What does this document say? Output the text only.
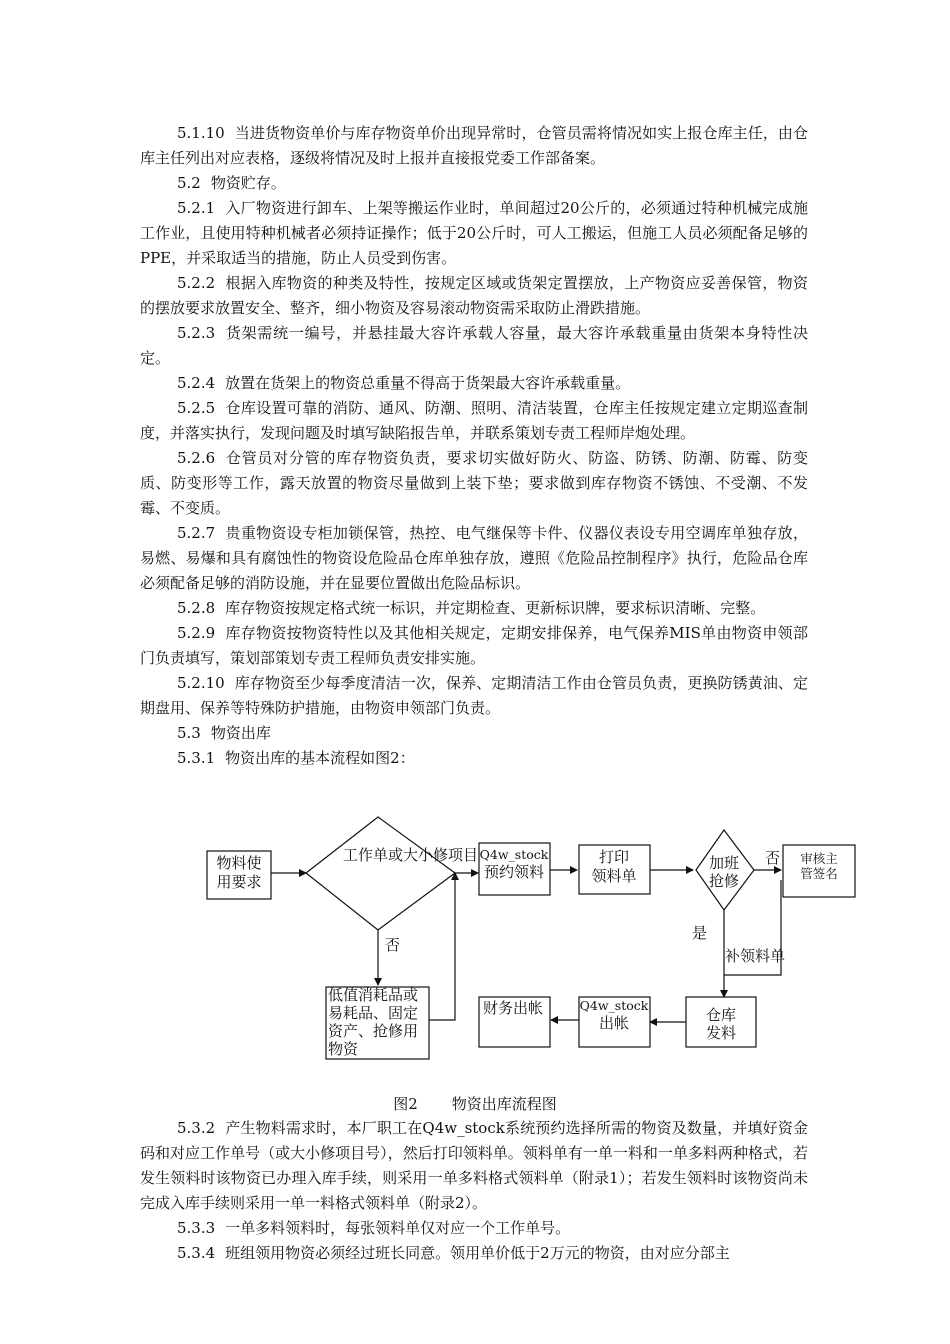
5.1.10 当进货物资单价与库存物资单价出现异常时，仓管员需将情况如实上报仓库主任，由仓库主任列出对应表格，逐级将情况及时上报并直接报党委工作部备案。

5.2 物资贮存。

5.2.1 入厂物资进行卸车、上架等搬运作业时，单间超过20公斤的，必须通过特种机械完成施工作业，且使用特种机械者必须持证操作；低于20公斤时，可人工搬运，但施工人员必须配备足够的PPE，并采取适当的措施，防止人员受到伤害。

5.2.2 根据入库物资的种类及特性，按规定区域或货架定置摆放，上产物资应妥善保管，物资的摆放要求放置安全、整齐，细小物资及容易滚动物资需采取防止滑跌措施。

5.2.3 货架需统一编号，并悬挂最大容许承载人容量，最大容许承载重量由货架本身特性决定。

5.2.4 放置在货架上的物资总重量不得高于货架最大容许承载重量。

5.2.5 仓库设置可靠的消防、通风、防潮、照明、清洁装置，仓库主任按规定建立定期巡查制度，并落实执行，发现问题及时填写缺陷报告单，并联系策划专责工程师岸炮处理。

5.2.6 仓管员对分管的库存物资负责，要求切实做好防火、防盗、防锈、防潮、防霉、防变质、防变形等工作，露天放置的物资尽量做到上装下垫；要求做到库存物资不锈蚀、不受潮、不发霉、不变质。

5.2.7 贵重物资设专柜加锁保管，热控、电气继保等卡件、仪器仪表设专用空调库单独存放，易燃、易爆和具有腐蚀性的物资设危险品仓库单独存放，遵照《危险品控制程序》执行，危险品仓库必须配备足够的消防设施，并在显要位置做出危险品标识。

5.2.8 库存物资按规定格式统一标识，并定期检查、更新标识牌，要求标识清晰、完整。

5.2.9 库存物资按物资特性以及其他相关规定，定期安排保养，电气保养MIS单由物资申领部门负责填写，策划部策划专责工程师负责安排实施。

5.2.10 库存物资至少每季度清洁一次，保养、定期清洁工作由仓管员负责，更换防锈黄油、定期盘用、保养等特殊防护措施，由物资申领部门负责。

5.3 物资出库

5.3.1 物资出库的基本流程如图2：

物料使
用要求
工作单或大小修项目
否
Q4w_stock
预约领料
打印
领料单
加班
抢修
否
是
审核主
管签名
补领料单
低值消耗品或
易耗品、固定
资产、抢修用
物资
财务出帐	Q4w_stock
出帐	仓库
发料
图2 物资出库流程图

5.3.2 产生物料需求时，本厂职工在Q4w_stock系统预约选择所需的物资及数量，并填好资金码和对应工作单号（或大小修项目号），然后打印领料单。领料单有一单一料和一单多料两种格式，若发生领料时该物资已办理入库手续，则采用一单多料格式领料单（附录1）；若发生领料时该物资尚未完成入库手续则采用一单一料格式领料单（附录2）。

5.3.3 一单多料领料时，每张领料单仅对应一个工作单号。

5.3.4 班组领用物资必须经过班长同意。领用单价低于2万元的物资，由对应分部主
